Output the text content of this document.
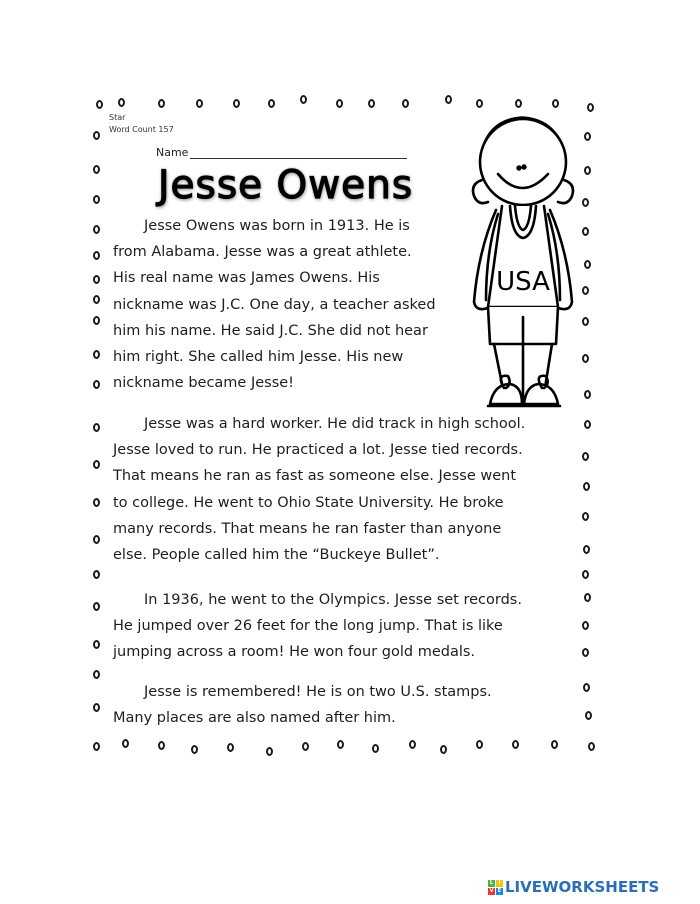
Star
Word Count 157
Name
Jesse Owens
Jesse Owens was born in 1913. He is
from Alabama. Jesse was a great athlete.
His real name was James Owens. His
nickname was J.C. One day, a teacher asked
him his name. He said J.C. She did not hear
him right. She called him Jesse. His new
nickname became Jesse!
Jesse was a hard worker. He did track in high school.
Jesse loved to run. He practiced a lot. Jesse tied records.
That means he ran as fast as someone else. Jesse went
to college. He went to Ohio State University. He broke
many records. That means he ran faster than anyone
else. People called him the “Buckeye Bullet”.
In 1936, he went to the Olympics. Jesse set records.
He jumped over 26 feet for the long jump. That is like
jumping across a room! He won four gold medals.
Jesse is remembered! He is on two U.S. stamps.
Many places are also named after him.
USA
L	I
V E LIVEWORKSHEETS
